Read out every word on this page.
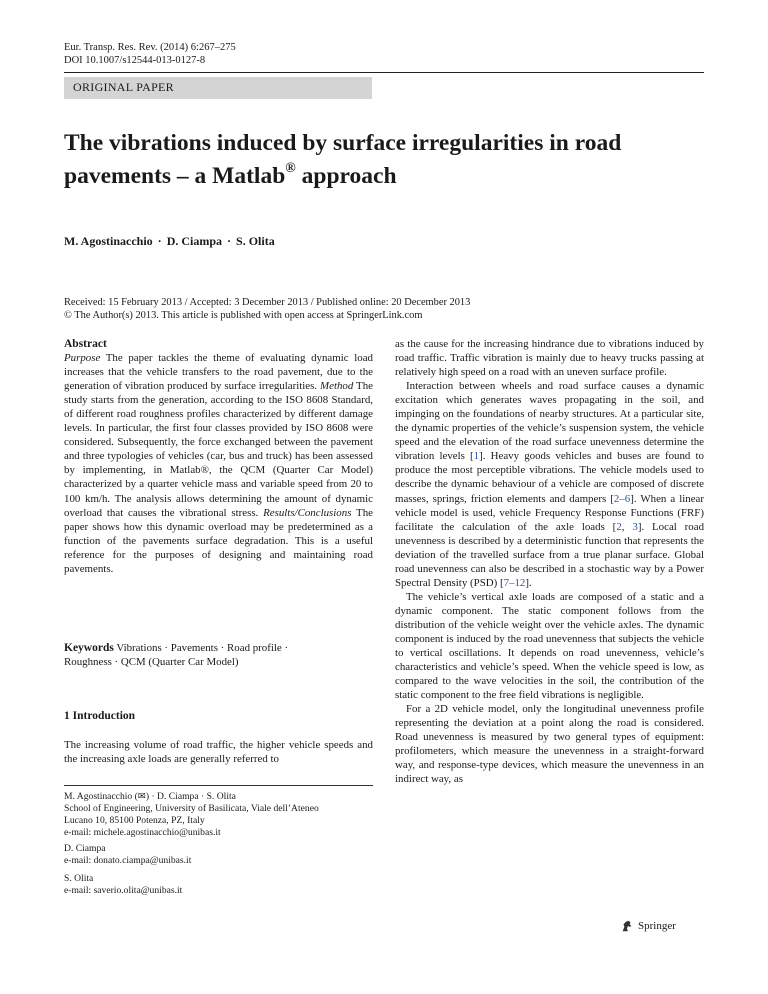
Eur. Transp. Res. Rev. (2014) 6:267–275
DOI 10.1007/s12544-013-0127-8
ORIGINAL PAPER
The vibrations induced by surface irregularities in road
pavements – a Matlab® approach
M. Agostinacchio · D. Ciampa · S. Olita
Received: 15 February 2013 / Accepted: 3 December 2013 / Published online: 20 December 2013
© The Author(s) 2013. This article is published with open access at SpringerLink.com
Abstract

Purpose The paper tackles the theme of evaluating dynamic load increases that the vehicle transfers to the road pavement, due to the generation of vibration produced by surface irregularities. Method The study starts from the generation, according to the ISO 8608 Standard, of different road roughness profiles characterized by different damage levels. In particular, the first four classes provided by ISO 8608 were considered. Subsequently, the force exchanged between the pavement and three typologies of vehicles (car, bus and truck) has been assessed by implementing, in Matlab®, the QCM (Quarter Car Model) characterized by a quarter vehicle mass and variable speed from 20 to 100 km/h. The analysis allows determining the amount of dynamic overload that causes the vibrational stress. Results/Conclusions The paper shows how this dynamic overload may be predetermined as a function of the pavements surface degradation. This is a useful reference for the purposes of designing and maintaining road pavements.

Keywords Vibrations · Pavements · Road profile ·
Roughness · QCM (Quarter Car Model)
1 Introduction
The increasing volume of road traffic, the higher vehicle speeds and the increasing axle loads are generally referred to
M. Agostinacchio (✉) · D. Ciampa · S. Olita
School of Engineering, University of Basilicata, Viale dell’Ateneo
Lucano 10, 85100 Potenza, PZ, Italy
e-mail: michele.agostinacchio@unibas.it
D. Ciampa
e-mail: donato.ciampa@unibas.it
S. Olita
e-mail: saverio.olita@unibas.it

as the cause for the increasing hindrance due to vibrations induced by road traffic. Traffic vibration is mainly due to heavy trucks passing at relatively high speed on a road with an uneven surface profile.

Interaction between wheels and road surface causes a dynamic excitation which generates waves propagating in the soil, and impinging on the foundations of nearby structures. At a particular site, the dynamic properties of the vehicle’s suspension system, the vehicle speed and the elevation of the road surface unevenness determine the vibration levels [1]. Heavy goods vehicles and buses are found to produce the most perceptible vibrations. The vehicle models used to describe the dynamic behaviour of a vehicle are composed of discrete masses, springs, friction elements and dampers [2–6]. When a linear vehicle model is used, vehicle Frequency Response Functions (FRF) facilitate the calculation of the axle loads [2, 3]. Local road unevenness is described by a deterministic function that represents the deviation of the travelled surface from a true planar surface. Global road unevenness can also be described in a stochastic way by a Power Spectral Density (PSD) [7–12].

The vehicle’s vertical axle loads are composed of a static and a dynamic component. The static component follows from the distribution of the vehicle weight over the vehicle axles. The dynamic component is induced by the road unevenness that subjects the vehicle to vertical oscillations. It depends on road unevenness, vehicle’s characteristics and vehicle’s speed. When the vehicle speed is low, as compared to the wave velocities in the soil, the contribution of the static component to the free field vibrations is negligible.

For a 2D vehicle model, only the longitudinal unevenness profile representing the deviation at a point along the road is considered. Road unevenness is measured by two general types of equipment: profilometers, which measure the unevenness in a straight-forward way, and response-type devices, which measure the unevenness in an indirect way, as

Springer
